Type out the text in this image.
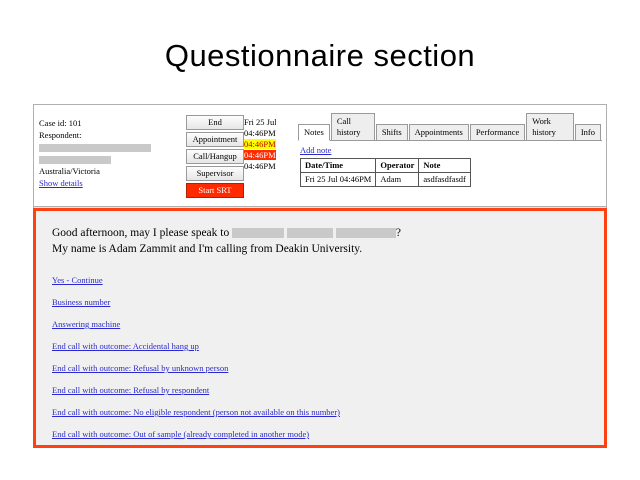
Questionnaire section
Case id: 101
Respondent:

Australia/Victoria
Show details
End
Appointment
Call/Hangup
Supervisor
Start SRT
Fri 25 Jul
04:46PM
04:46PM
04:46PM
04:46PM
Notes
Call history	Shifts	Appointments	Performance
Work history	Info
Add note
Date/Time	Operator	Note
Fri 25 Jul 04:46PM	Adam	asdfasdfasdf
Good afternoon, may I please speak to	?
My name is Adam Zammit and I'm calling from Deakin University.
Yes - Continue
Business number
Answering machine
End call with outcome: Accidental hang up
End call with outcome: Refusal by unknown person
End call with outcome: Refusal by respondent
End call with outcome: No eligible respondent (person not available on this number)
End call with outcome: Out of sample (already completed in another mode)
